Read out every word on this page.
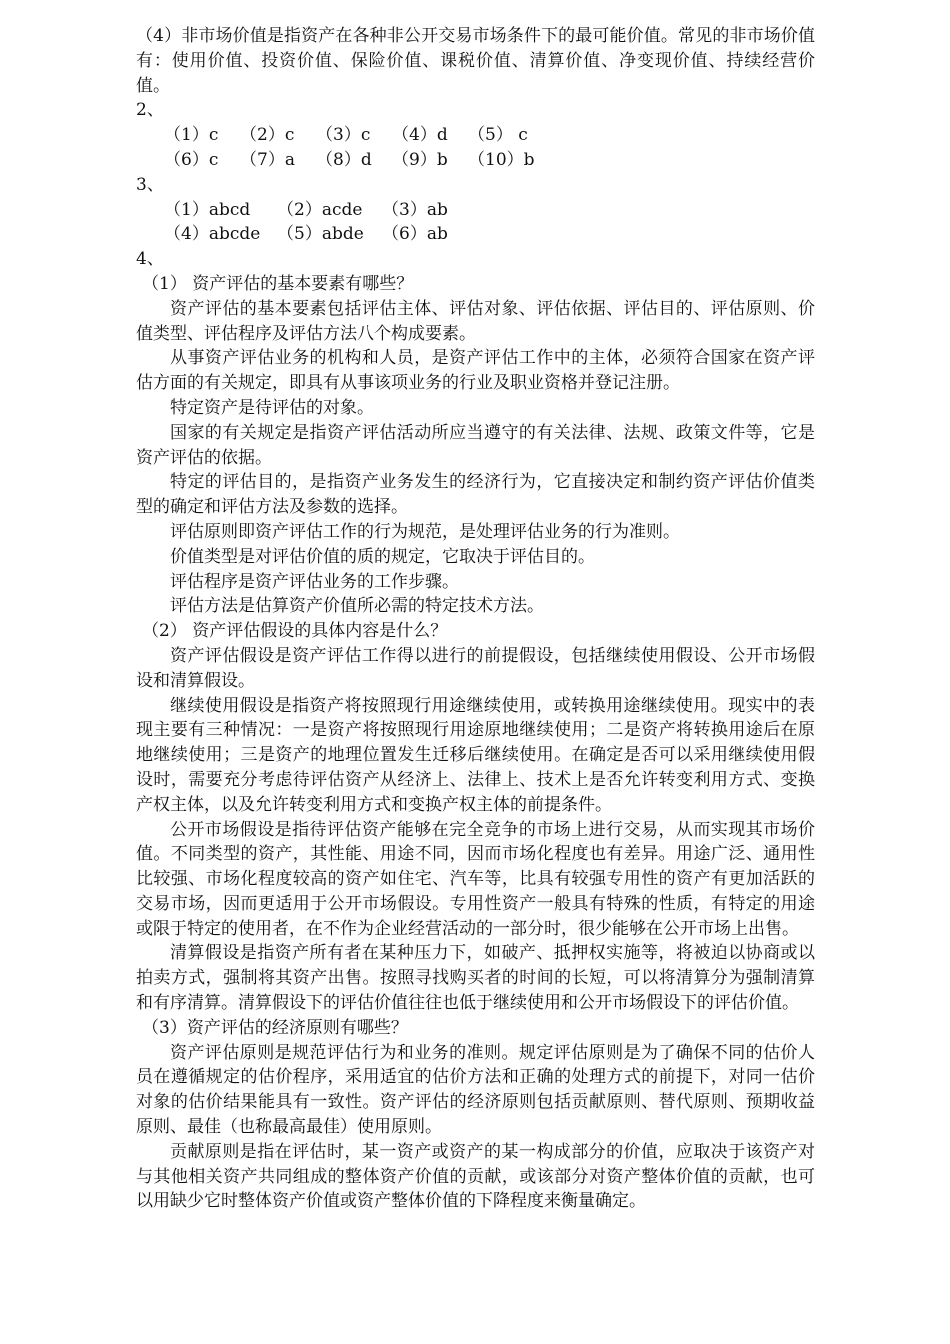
（4）非市场价值是指资产在各种非公开交易市场条件下的最可能价值。常见的非市场价值有：使用价值、投资价值、保险价值、课税价值、清算价值、净变现价值、持续经营价值。

2、

（1）c	（2）c	（3）c	（4）d	（5） c
（6）c	（7）a	（8）d	（9）b	（10）b

3、

（1）abcd	（2）acde	（3）ab
（4）abcde （5）abde	（6）ab

4、

（1） 资产评估的基本要素有哪些？

资产评估的基本要素包括评估主体、评估对象、评估依据、评估目的、评估原则、价值类型、评估程序及评估方法八个构成要素。

从事资产评估业务的机构和人员，是资产评估工作中的主体，必须符合国家在资产评估方面的有关规定，即具有从事该项业务的行业及职业资格并登记注册。

特定资产是待评估的对象。

国家的有关规定是指资产评估活动所应当遵守的有关法律、法规、政策文件等，它是资产评估的依据。

特定的评估目的，是指资产业务发生的经济行为，它直接决定和制约资产评估价值类型的确定和评估方法及参数的选择。

评估原则即资产评估工作的行为规范，是处理评估业务的行为准则。

价值类型是对评估价值的质的规定，它取决于评估目的。

评估程序是资产评估业务的工作步骤。

评估方法是估算资产价值所必需的特定技术方法。

（2） 资产评估假设的具体内容是什么？

资产评估假设是资产评估工作得以进行的前提假设，包括继续使用假设、公开市场假设和清算假设。

继续使用假设是指资产将按照现行用途继续使用，或转换用途继续使用。现实中的表现主要有三种情况：一是资产将按照现行用途原地继续使用；二是资产将转换用途后在原地继续使用；三是资产的地理位置发生迁移后继续使用。在确定是否可以采用继续使用假设时，需要充分考虑待评估资产从经济上、法律上、技术上是否允许转变利用方式、变换产权主体，以及允许转变利用方式和变换产权主体的前提条件。

公开市场假设是指待评估资产能够在完全竞争的市场上进行交易，从而实现其市场价值。不同类型的资产，其性能、用途不同，因而市场化程度也有差异。用途广泛、通用性比较强、市场化程度较高的资产如住宅、汽车等，比具有较强专用性的资产有更加活跃的交易市场，因而更适用于公开市场假设。专用性资产一般具有特殊的性质，有特定的用途或限于特定的使用者，在不作为企业经营活动的一部分时，很少能够在公开市场上出售。

清算假设是指资产所有者在某种压力下，如破产、抵押权实施等，将被迫以协商或以拍卖方式，强制将其资产出售。按照寻找购买者的时间的长短，可以将清算分为强制清算和有序清算。清算假设下的评估价值往往也低于继续使用和公开市场假设下的评估价值。

（3）资产评估的经济原则有哪些？

资产评估原则是规范评估行为和业务的准则。规定评估原则是为了确保不同的估价人员在遵循规定的估价程序，采用适宜的估价方法和正确的处理方式的前提下，对同一估价对象的估价结果能具有一致性。资产评估的经济原则包括贡献原则、替代原则、预期收益原则、最佳（也称最高最佳）使用原则。

贡献原则是指在评估时，某一资产或资产的某一构成部分的价值，应取决于该资产对与其他相关资产共同组成的整体资产价值的贡献，或该部分对资产整体价值的贡献，也可以用缺少它时整体资产价值或资产整体价值的下降程度来衡量确定。
